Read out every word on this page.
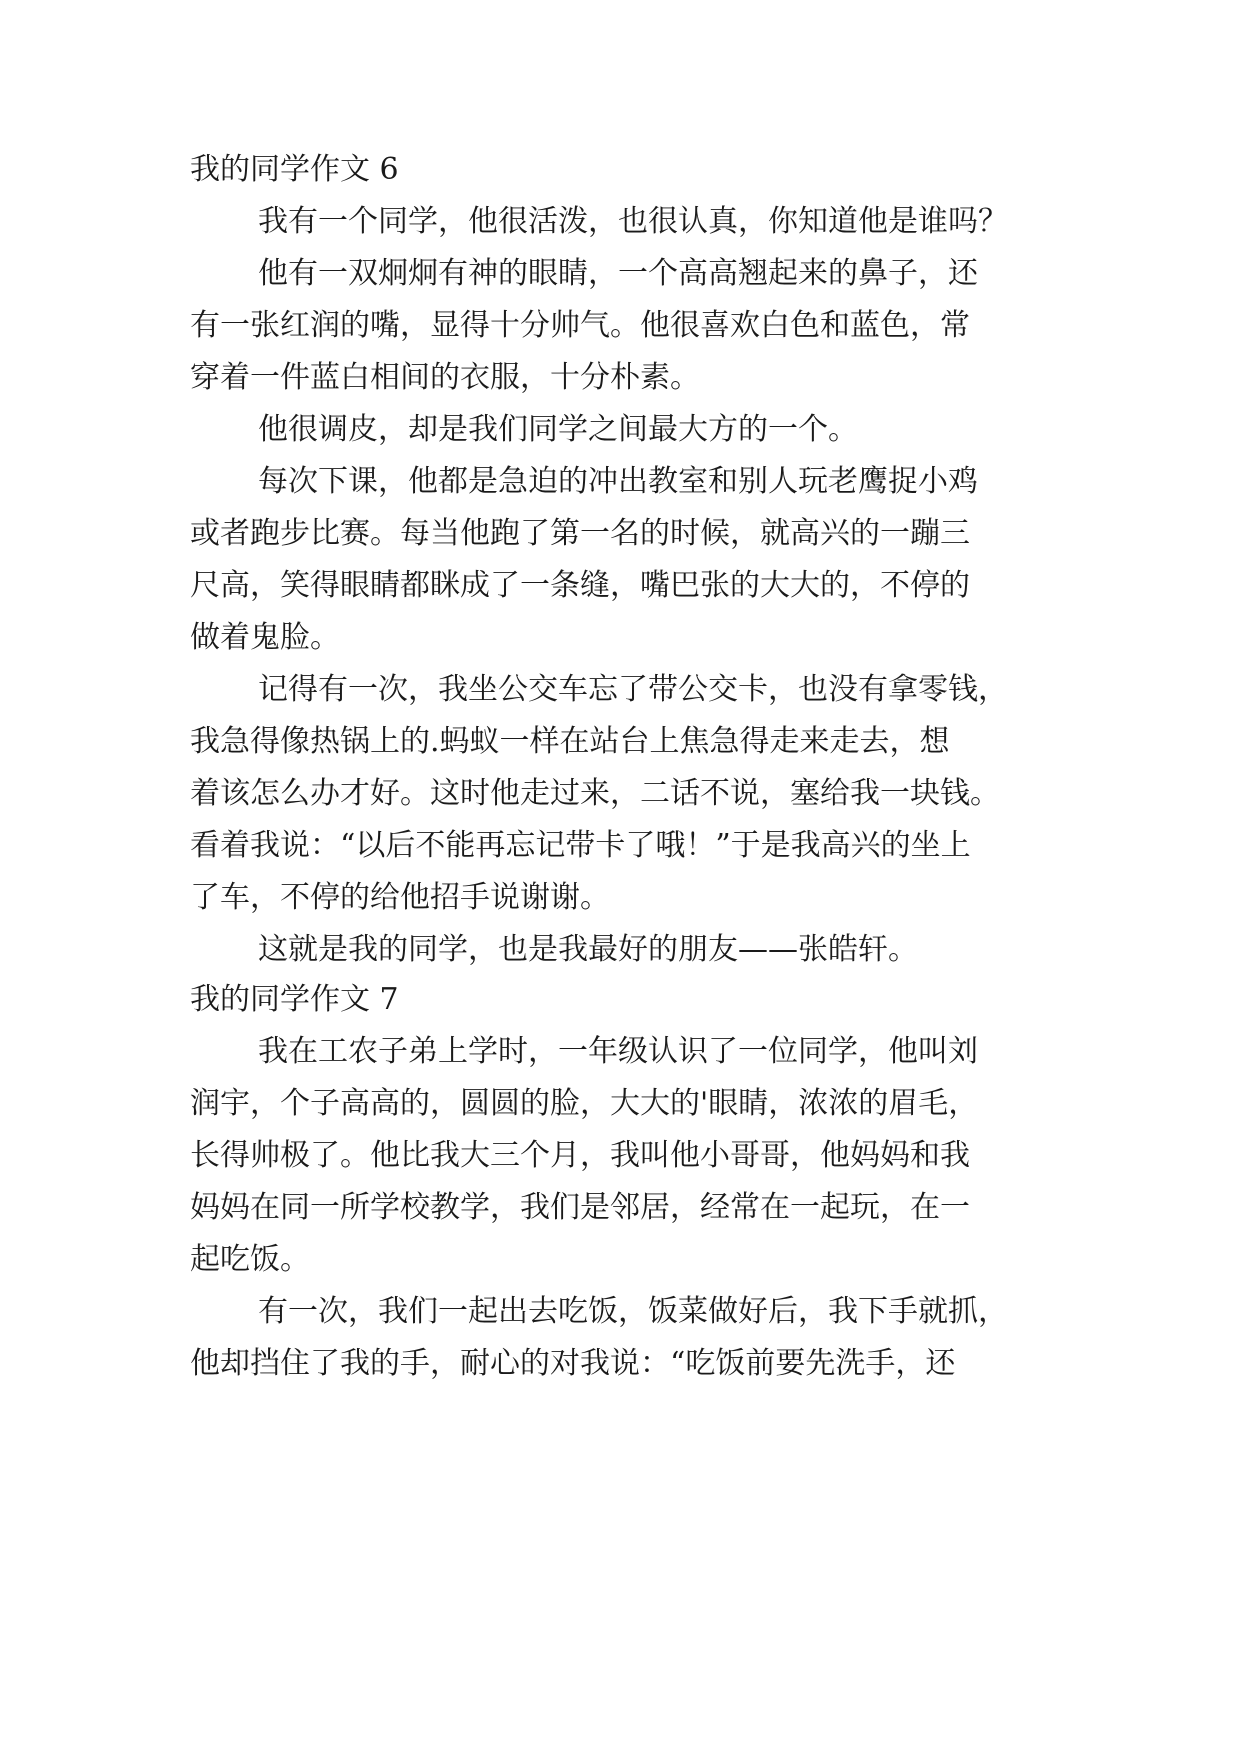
我的同学作文 6
我有一个同学，他很活泼，也很认真，你知道他是谁吗？
他有一双炯炯有神的眼睛，一个高高翘起来的鼻子，还
有一张红润的嘴，显得十分帅气。他很喜欢白色和蓝色，常
穿着一件蓝白相间的衣服，十分朴素。
他很调皮，却是我们同学之间最大方的一个。
每次下课，他都是急迫的冲出教室和别人玩老鹰捉小鸡
或者跑步比赛。每当他跑了第一名的时候，就高兴的一蹦三
尺高，笑得眼睛都眯成了一条缝，嘴巴张的大大的，不停的
做着鬼脸。
记得有一次，我坐公交车忘了带公交卡，也没有拿零钱，
我急得像热锅上的.蚂蚁一样在站台上焦急得走来走去，想
着该怎么办才好。这时他走过来，二话不说，塞给我一块钱。
看着我说：“以后不能再忘记带卡了哦！”于是我高兴的坐上
了车，不停的给他招手说谢谢。
这就是我的同学，也是我最好的朋友——张皓轩。
我的同学作文 7
我在工农子弟上学时，一年级认识了一位同学，他叫刘
润宇，个子高高的，圆圆的脸，大大的'眼睛，浓浓的眉毛，
长得帅极了。他比我大三个月，我叫他小哥哥，他妈妈和我
妈妈在同一所学校教学，我们是邻居，经常在一起玩，在一
起吃饭。
有一次，我们一起出去吃饭，饭菜做好后，我下手就抓，
他却挡住了我的手，耐心的对我说：“吃饭前要先洗手，还
